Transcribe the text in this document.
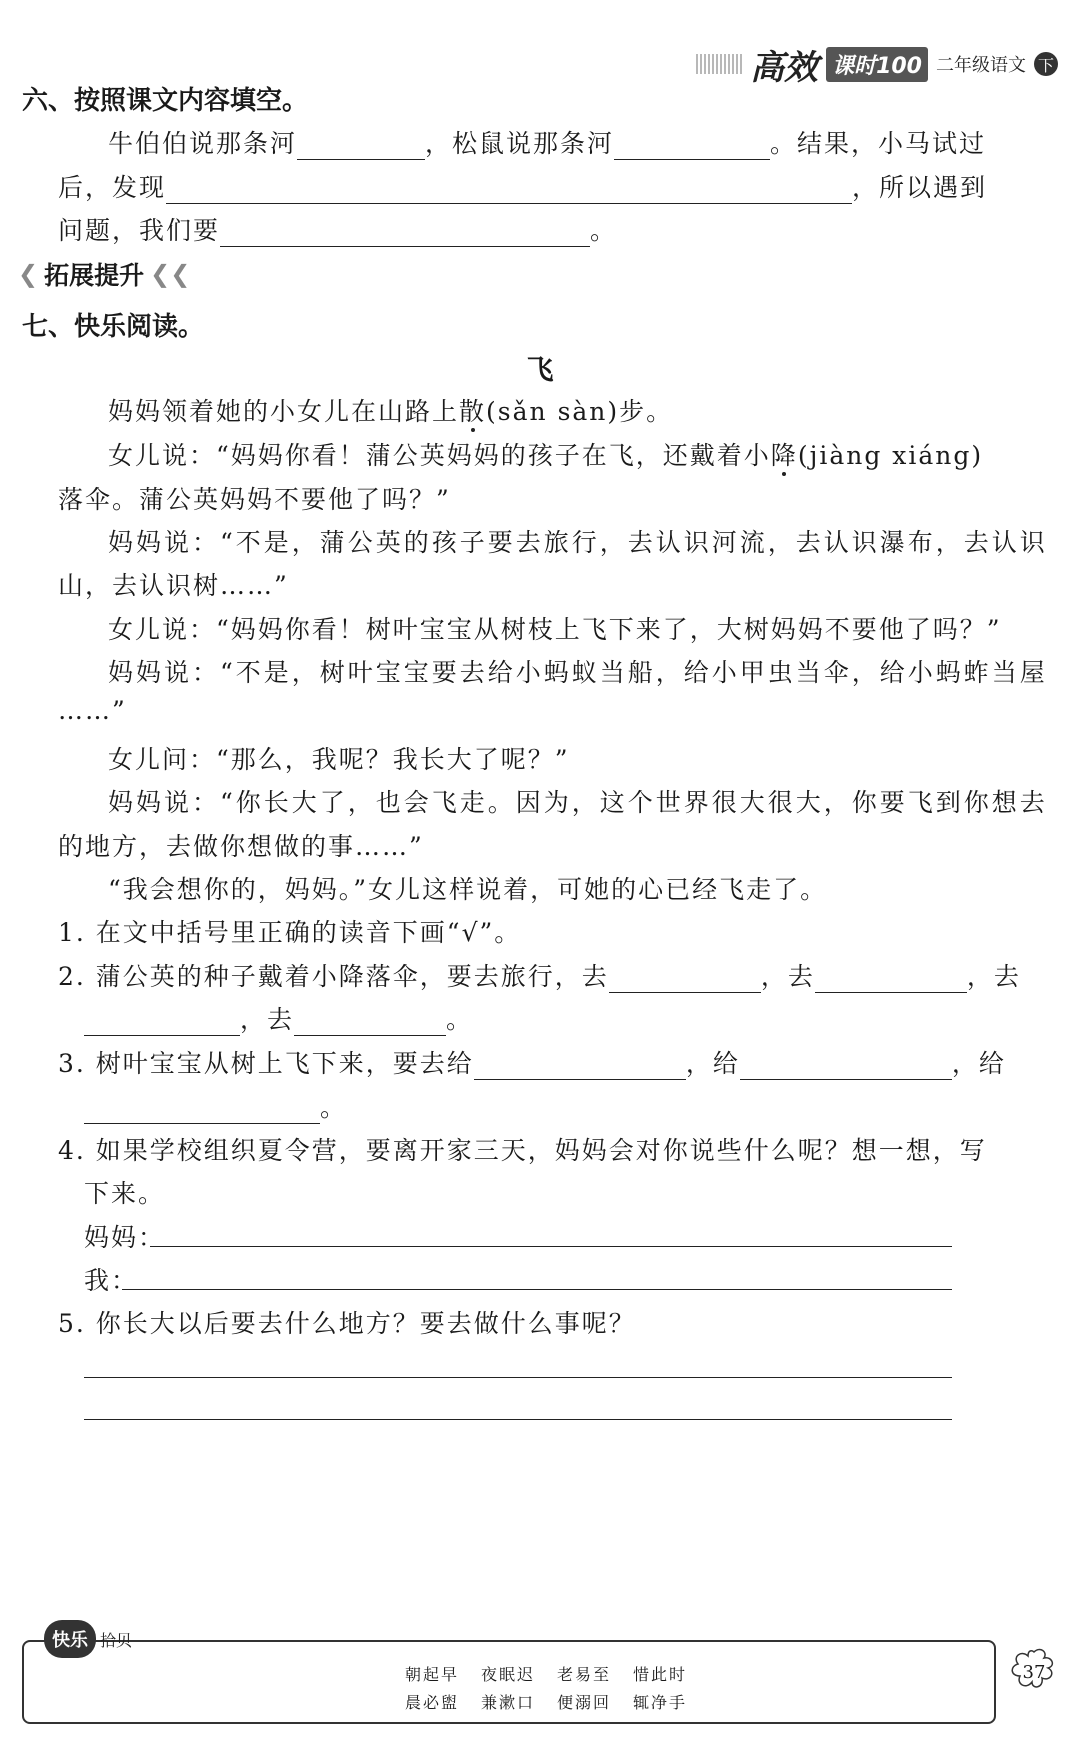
高效 课时100 二年级语文 下
六、按照课文内容填空。
牛伯伯说那条河	，松鼠说那条河	。结果，小马试过
后，发现	，所以遇到
问题，我们要	。
❮ 拓展提升 ❮❮
七、快乐阅读。
飞
妈妈领着她的小女儿在山路上散(sǎn sàn)步。
女儿说：“妈妈你看！蒲公英妈妈的孩子在飞，还戴着小降(jiàng xiáng)
落伞。蒲公英妈妈不要他了吗？”
妈妈说：“不是，蒲公英的孩子要去旅行，去认识河流，去认识瀑布，去认识
山，去认识树……”
女儿说：“妈妈你看！树叶宝宝从树枝上飞下来了，大树妈妈不要他了吗？”
妈妈说：“不是，树叶宝宝要去给小蚂蚁当船，给小甲虫当伞，给小蚂蚱当屋
……”
女儿问：“那么，我呢？我长大了呢？”
妈妈说：“你长大了，也会飞走。因为，这个世界很大很大，你要飞到你想去
的地方，去做你想做的事……”
“我会想你的，妈妈。”女儿这样说着，可她的心已经飞走了。
1. 在文中括号里正确的读音下画“√”。
2. 蒲公英的种子戴着小降落伞，要去旅行，去	，去	，去
，去	。
3. 树叶宝宝从树上飞下来，要去给	，给	，给
。
4. 如果学校组织夏令营，要离开家三天，妈妈会对你说些什么呢？想一想，写
下来。
妈妈：
我：
5. 你长大以后要去什么地方？要去做什么事呢？
快乐 拾贝
朝起早 夜眠迟 老易至 惜此时
晨必盥 兼漱口 便溺回 辄净手
37
